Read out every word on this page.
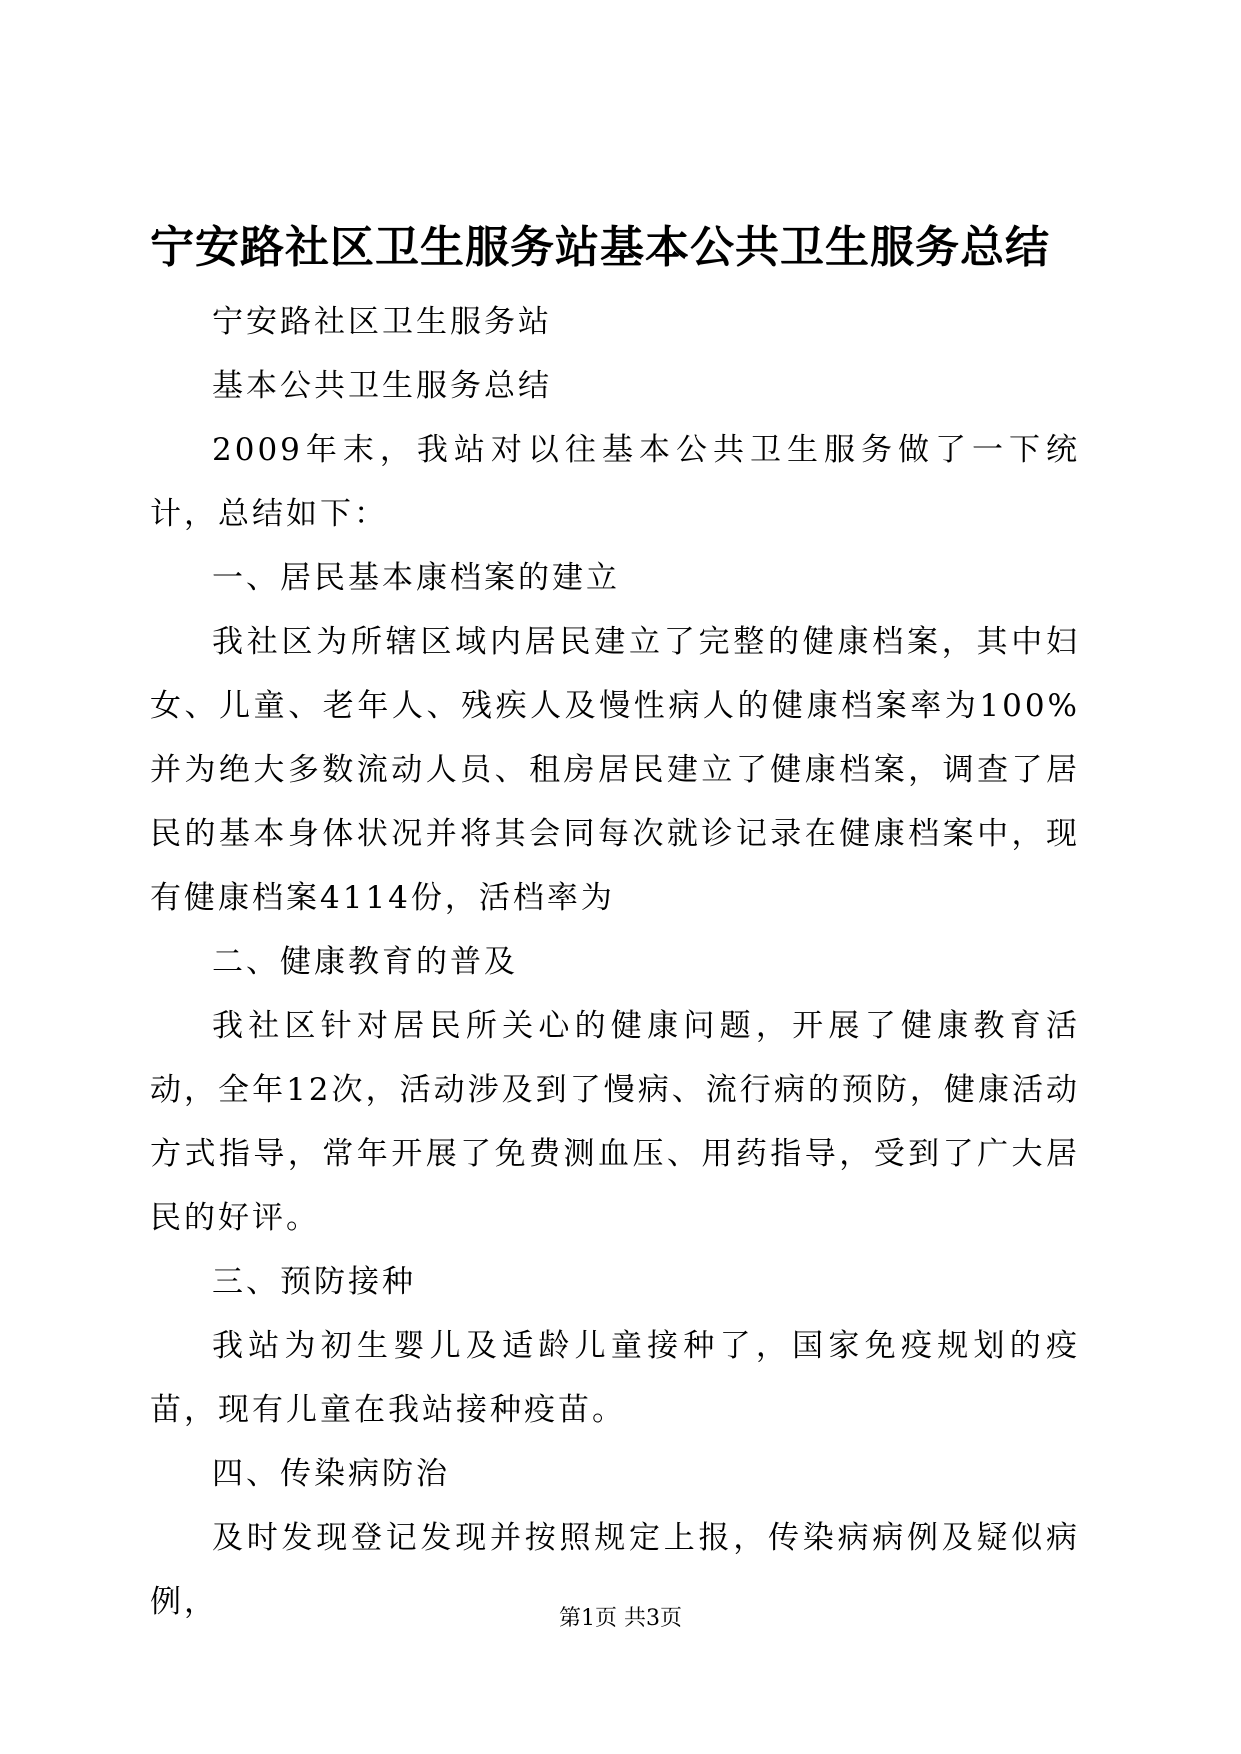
宁安路社区卫生服务站基本公共卫生服务总结

宁安路社区卫生服务站

基本公共卫生服务总结

2009年末，我站对以往基本公共卫生服务做了一下统计，总结如下：

一、居民基本康档案的建立

我社区为所辖区域内居民建立了完整的健康档案，其中妇女、儿童、老年人、残疾人及慢性病人的健康档案率为100%并为绝大多数流动人员、租房居民建立了健康档案，调查了居民的基本身体状况并将其会同每次就诊记录在健康档案中，现有健康档案4114份，活档率为

二、健康教育的普及

我社区针对居民所关心的健康问题，开展了健康教育活动，全年12次，活动涉及到了慢病、流行病的预防，健康活动方式指导，常年开展了免费测血压、用药指导，受到了广大居民的好评。

三、预防接种

我站为初生婴儿及适龄儿童接种了，国家免疫规划的疫苗，现有儿童在我站接种疫苗。

四、传染病防治

及时发现登记发现并按照规定上报，传染病病例及疑似病例，	第1页 共3页
